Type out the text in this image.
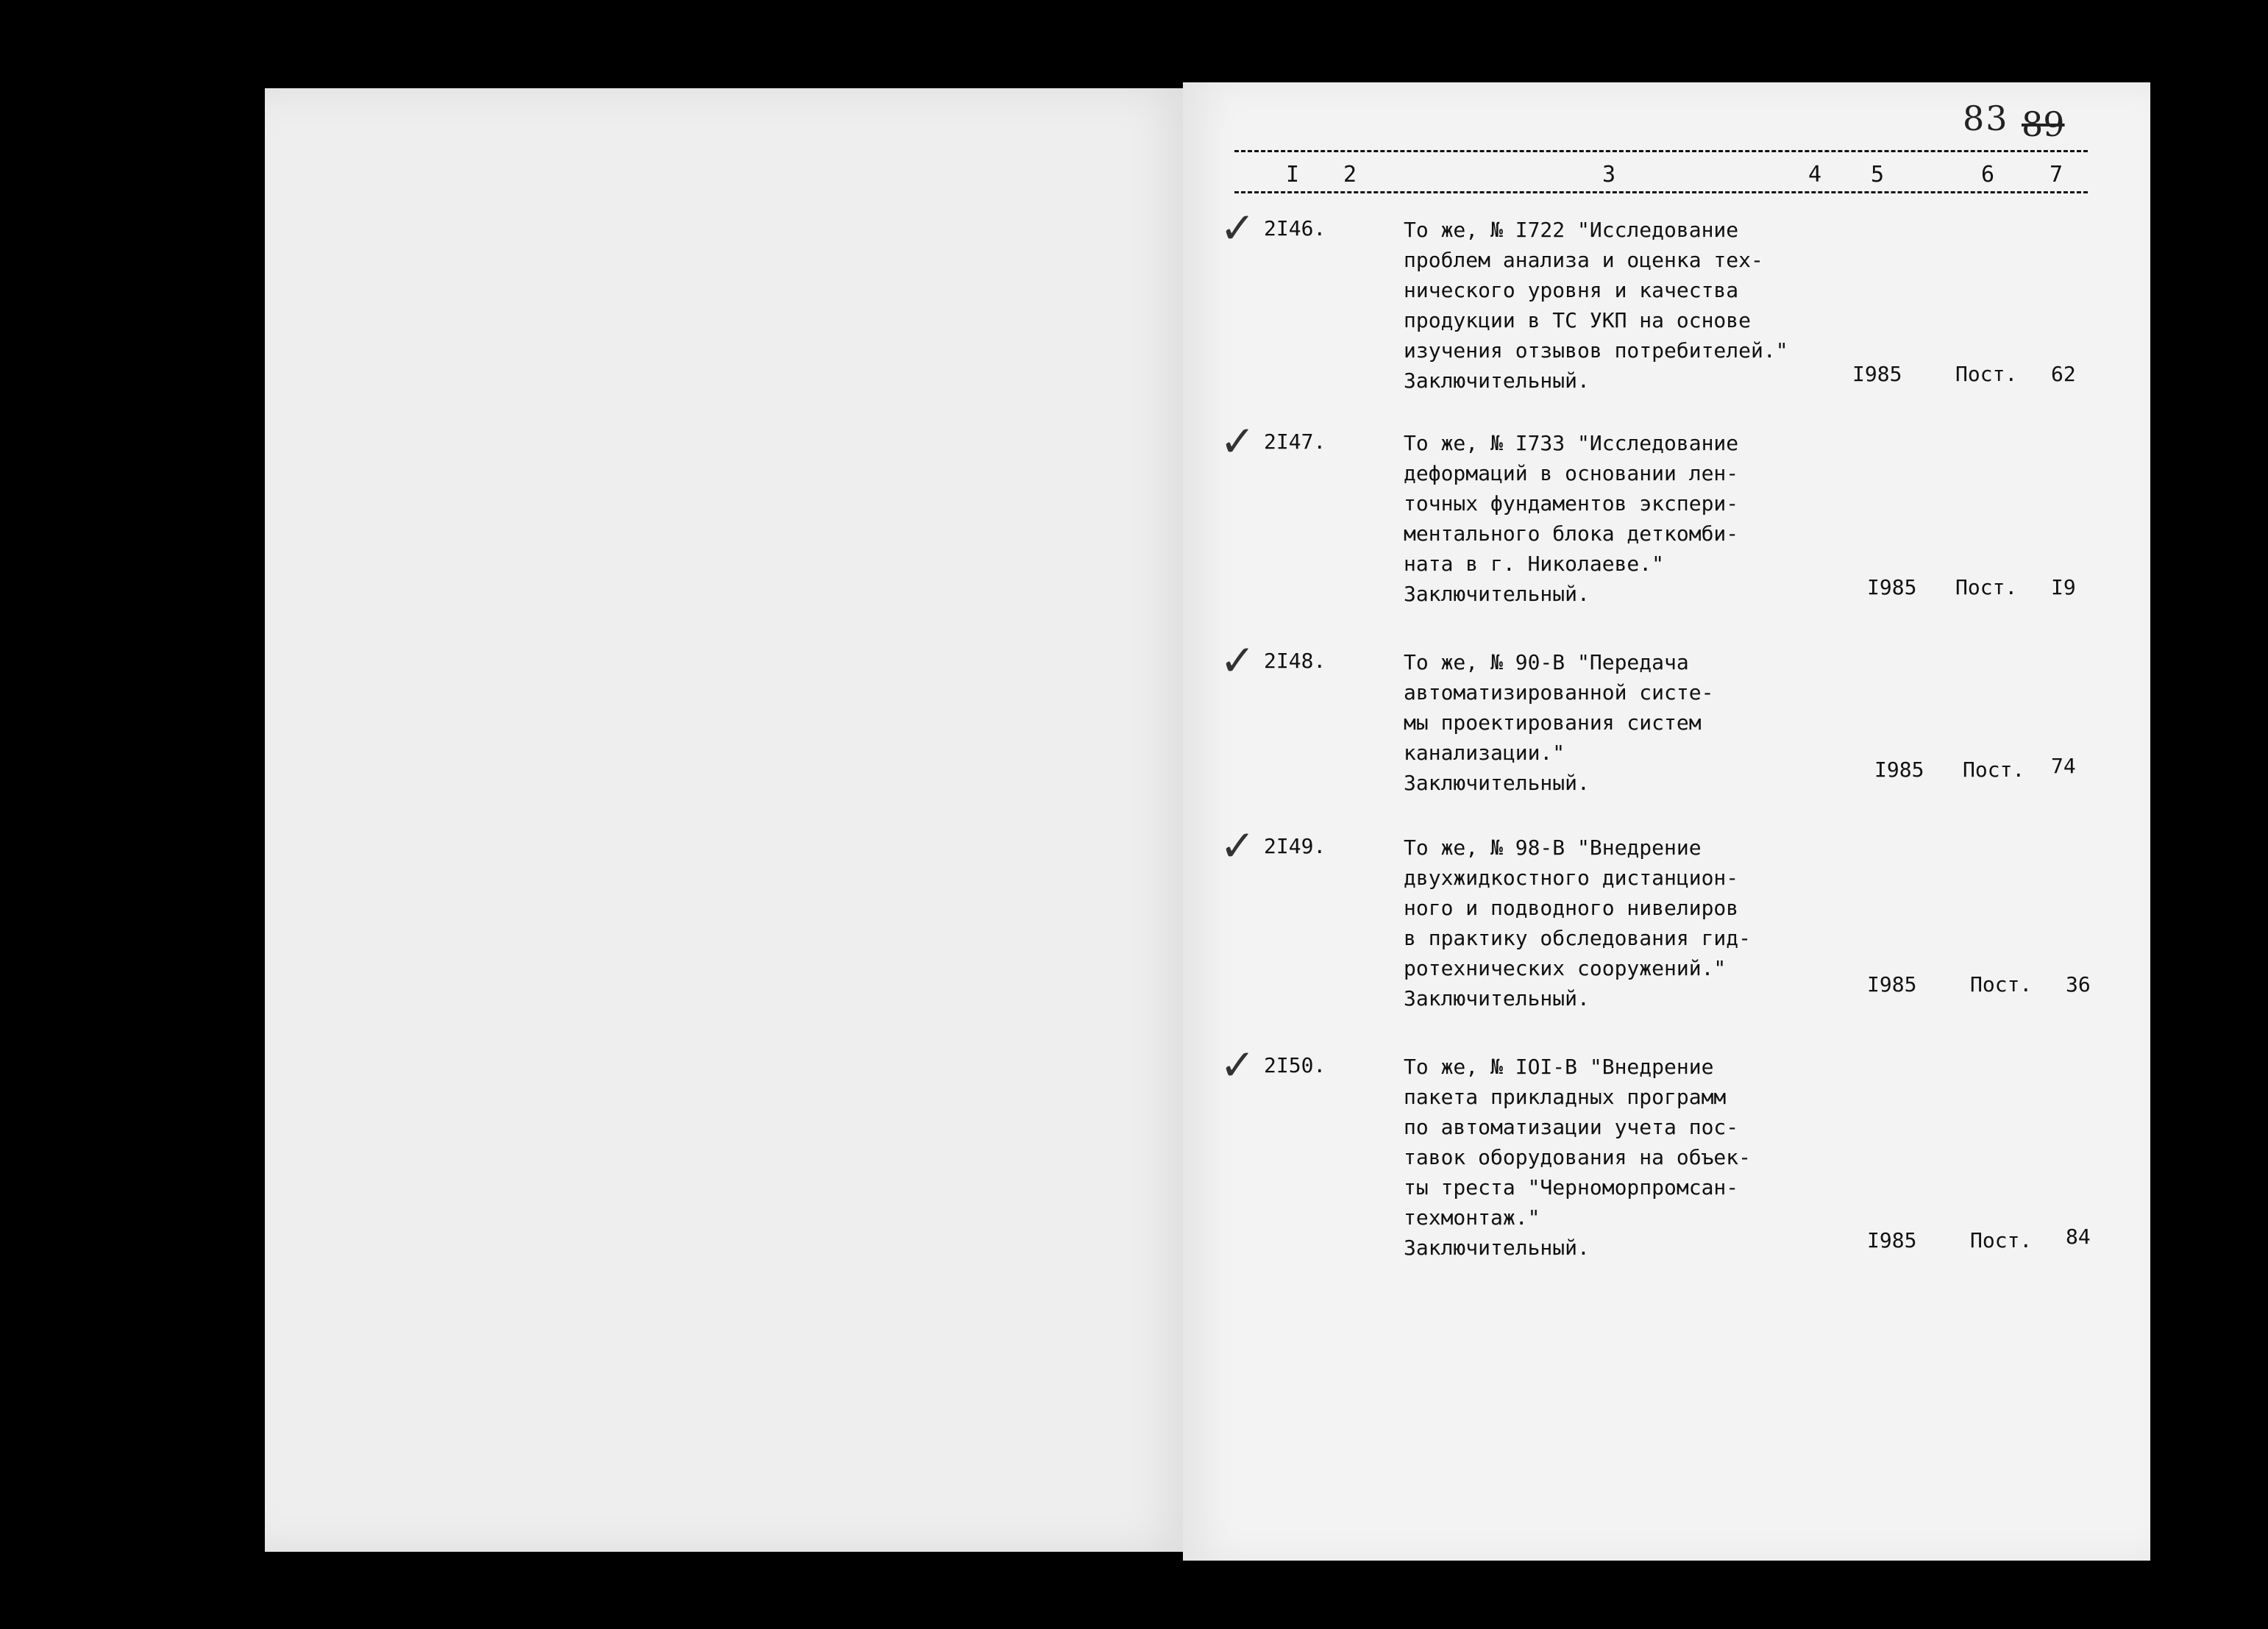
83 89
I 2	3	4 5	6 7
✓ 2I46.	То же, № I722 "Исследование
проблем анализа и оценка тех-
нического уровня и качества
продукции в ТС УКП на основе
изучения отзывов потребителей."
Заключительный.	I985	Пост. 62
✓ 2I47.	То же, № I733 "Исследование
деформаций в основании лен-
точных фундаментов экспери-
ментального блока деткомби-
ната в г. Николаеве."
Заключительный.	I985 Пост. I9
✓ 2I48.	То же, № 90-В "Передача
автоматизированной систе-
мы проектирования систем
канализации."
Заключительный.

I985 Пост. 74
✓ 2I49.	То же, № 98-В "Внедрение
двухжидкостного дистанцион-
ного и подводного нивелиров
в практику обследования гид-
ротехнических сооружений."
Заключительный.

I985	Пост. 36
✓ 2I50.	То же, № IOI-В "Внедрение
пакета прикладных программ
по автоматизации учета пос-
тавок оборудования на объек-
ты треста "Черноморпромсан-
техмонтаж."
Заключительный.	I985	Пост. 84
